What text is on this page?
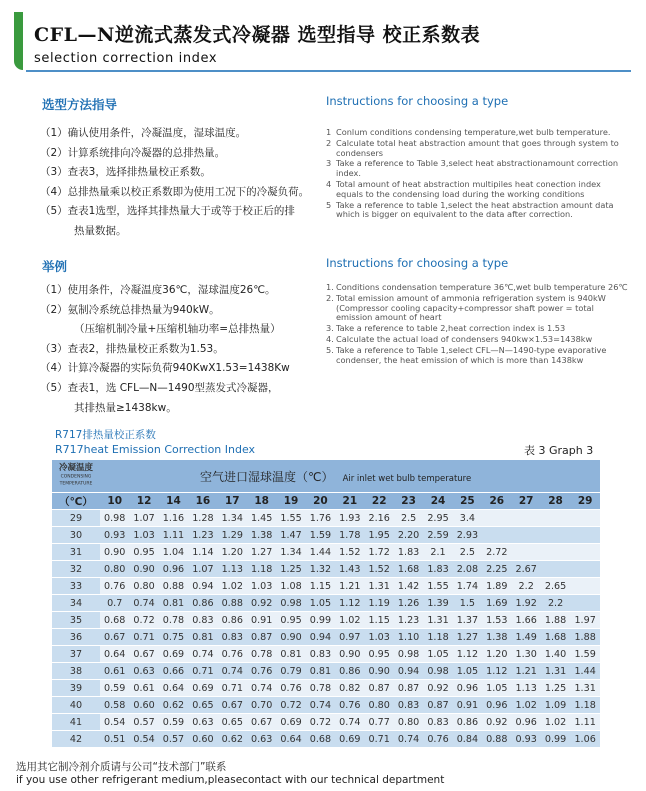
CFL—N逆流式蒸发式冷凝器 选型指导 校正系数表
selection correction index
选型方法指导
（1）确认使用条件，冷凝温度，湿球温度。
（2）计算系统排向冷凝器的总排热量。
（3）查表3，选择排热量校正系数。
（4）总排热量乘以校正系数即为使用工况下的冷凝负荷。
（5）查表1选型，选择其排热量大于或等于校正后的排
热量数据。
Instructions for choosing a type
1 Conlum conditions condensing temperature,wet bulb temperature.
2 Calculate total heat abstraction amount that goes through system to condensers
3 Take a reference to Table 3,select heat abstractionamount correction index.
4 Total amount of heat abstraction multipiles heat conection index equals to the condensing load during the working conditions
5 Take a reference to table 1,select the heat abstraction amount data which is bigger on equivalent to the data after correction.
举例
（1）使用条件，冷凝温度36℃，湿球温度26℃。
（2）氨制冷系统总排热量为940kW。
（压缩机制冷量+压缩机轴功率=总排热量）
（3）查表2，排热量校正系数为1.53。
（4）计算冷凝器的实际负荷940KwX1.53=1438Kw
（5）查表1，选 CFL—N—1490型蒸发式冷凝器，
其排热量≥1438kw。
Instructions for choosing a type
1. Conditions condensation temperature 36℃,wet bulb temperature 26℃
2. Total emission amount of ammonia refrigeration system is 940kW (Compressor cooling capacity+compressor shaft power = total emission amount of heart
3. Take a reference to table 2,heat correction index is 1.53
4. Calculate the actual load of condensers 940kw×1.53=1438kw
5. Take a reference to Table 1,select CFL—N—1490-type evaporative condenser, the heat emission of which is more than 1438kw
R717排热量校正系数
R717heat Emission Correction Index	表 3 Graph 3
冷凝温度
CONDENSING TEMPERATURE	空气进口湿球温度（℃） Air inlet wet bulb temperature																
（℃）	10	12	14	16	17	18	19	20	21	22	23	24	25	26	27	28	29
29	0.98	1.07	1.16	1.28	1.34	1.45	1.55	1.76	1.93	2.16	2.5	2.95	3.4				
30	0.93	1.03	1.11	1.23	1.29	1.38	1.47	1.59	1.78	1.95	2.20	2.59	2.93				
31	0.90	0.95	1.04	1.14	1.20	1.27	1.34	1.44	1.52	1.72	1.83	2.1	2.5	2.72			
32	0.80	0.90	0.96	1.07	1.13	1.18	1.25	1.32	1.43	1.52	1.68	1.83	2.08	2.25	2.67		
33	0.76	0.80	0.88	0.94	1.02	1.03	1.08	1.15	1.21	1.31	1.42	1.55	1.74	1.89	2.2	2.65	
34	0.7	0.74	0.81	0.86	0.88	0.92	0.98	1.05	1.12	1.19	1.26	1.39	1.5	1.69	1.92	2.2	
35	0.68	0.72	0.78	0.83	0.86	0.91	0.95	0.99	1.02	1.15	1.23	1.31	1.37	1.53	1.66	1.88	1.97
36	0.67	0.71	0.75	0.81	0.83	0.87	0.90	0.94	0.97	1.03	1.10	1.18	1.27	1.38	1.49	1.68	1.88
37	0.64	0.67	0.69	0.74	0.76	0.78	0.81	0.83	0.90	0.95	0.98	1.05	1.12	1.20	1.30	1.40	1.59
38	0.61	0.63	0.66	0.71	0.74	0.76	0.79	0.81	0.86	0.90	0.94	0.98	1.05	1.12	1.21	1.31	1.44
39	0.59	0.61	0.64	0.69	0.71	0.74	0.76	0.78	0.82	0.87	0.87	0.92	0.96	1.05	1.13	1.25	1.31
40	0.58	0.60	0.62	0.65	0.67	0.70	0.72	0.74	0.76	0.80	0.83	0.87	0.91	0.96	1.02	1.09	1.18
41	0.54	0.57	0.59	0.63	0.65	0.67	0.69	0.72	0.74	0.77	0.80	0.83	0.86	0.92	0.96	1.02	1.11
42	0.51	0.54	0.57	0.60	0.62	0.63	0.64	0.68	0.69	0.71	0.74	0.76	0.84	0.88	0.93	0.99	1.06
选用其它制冷剂介质请与公司“技术部门”联系
if you use other refrigerant medium,pleasecontact with our technical department
